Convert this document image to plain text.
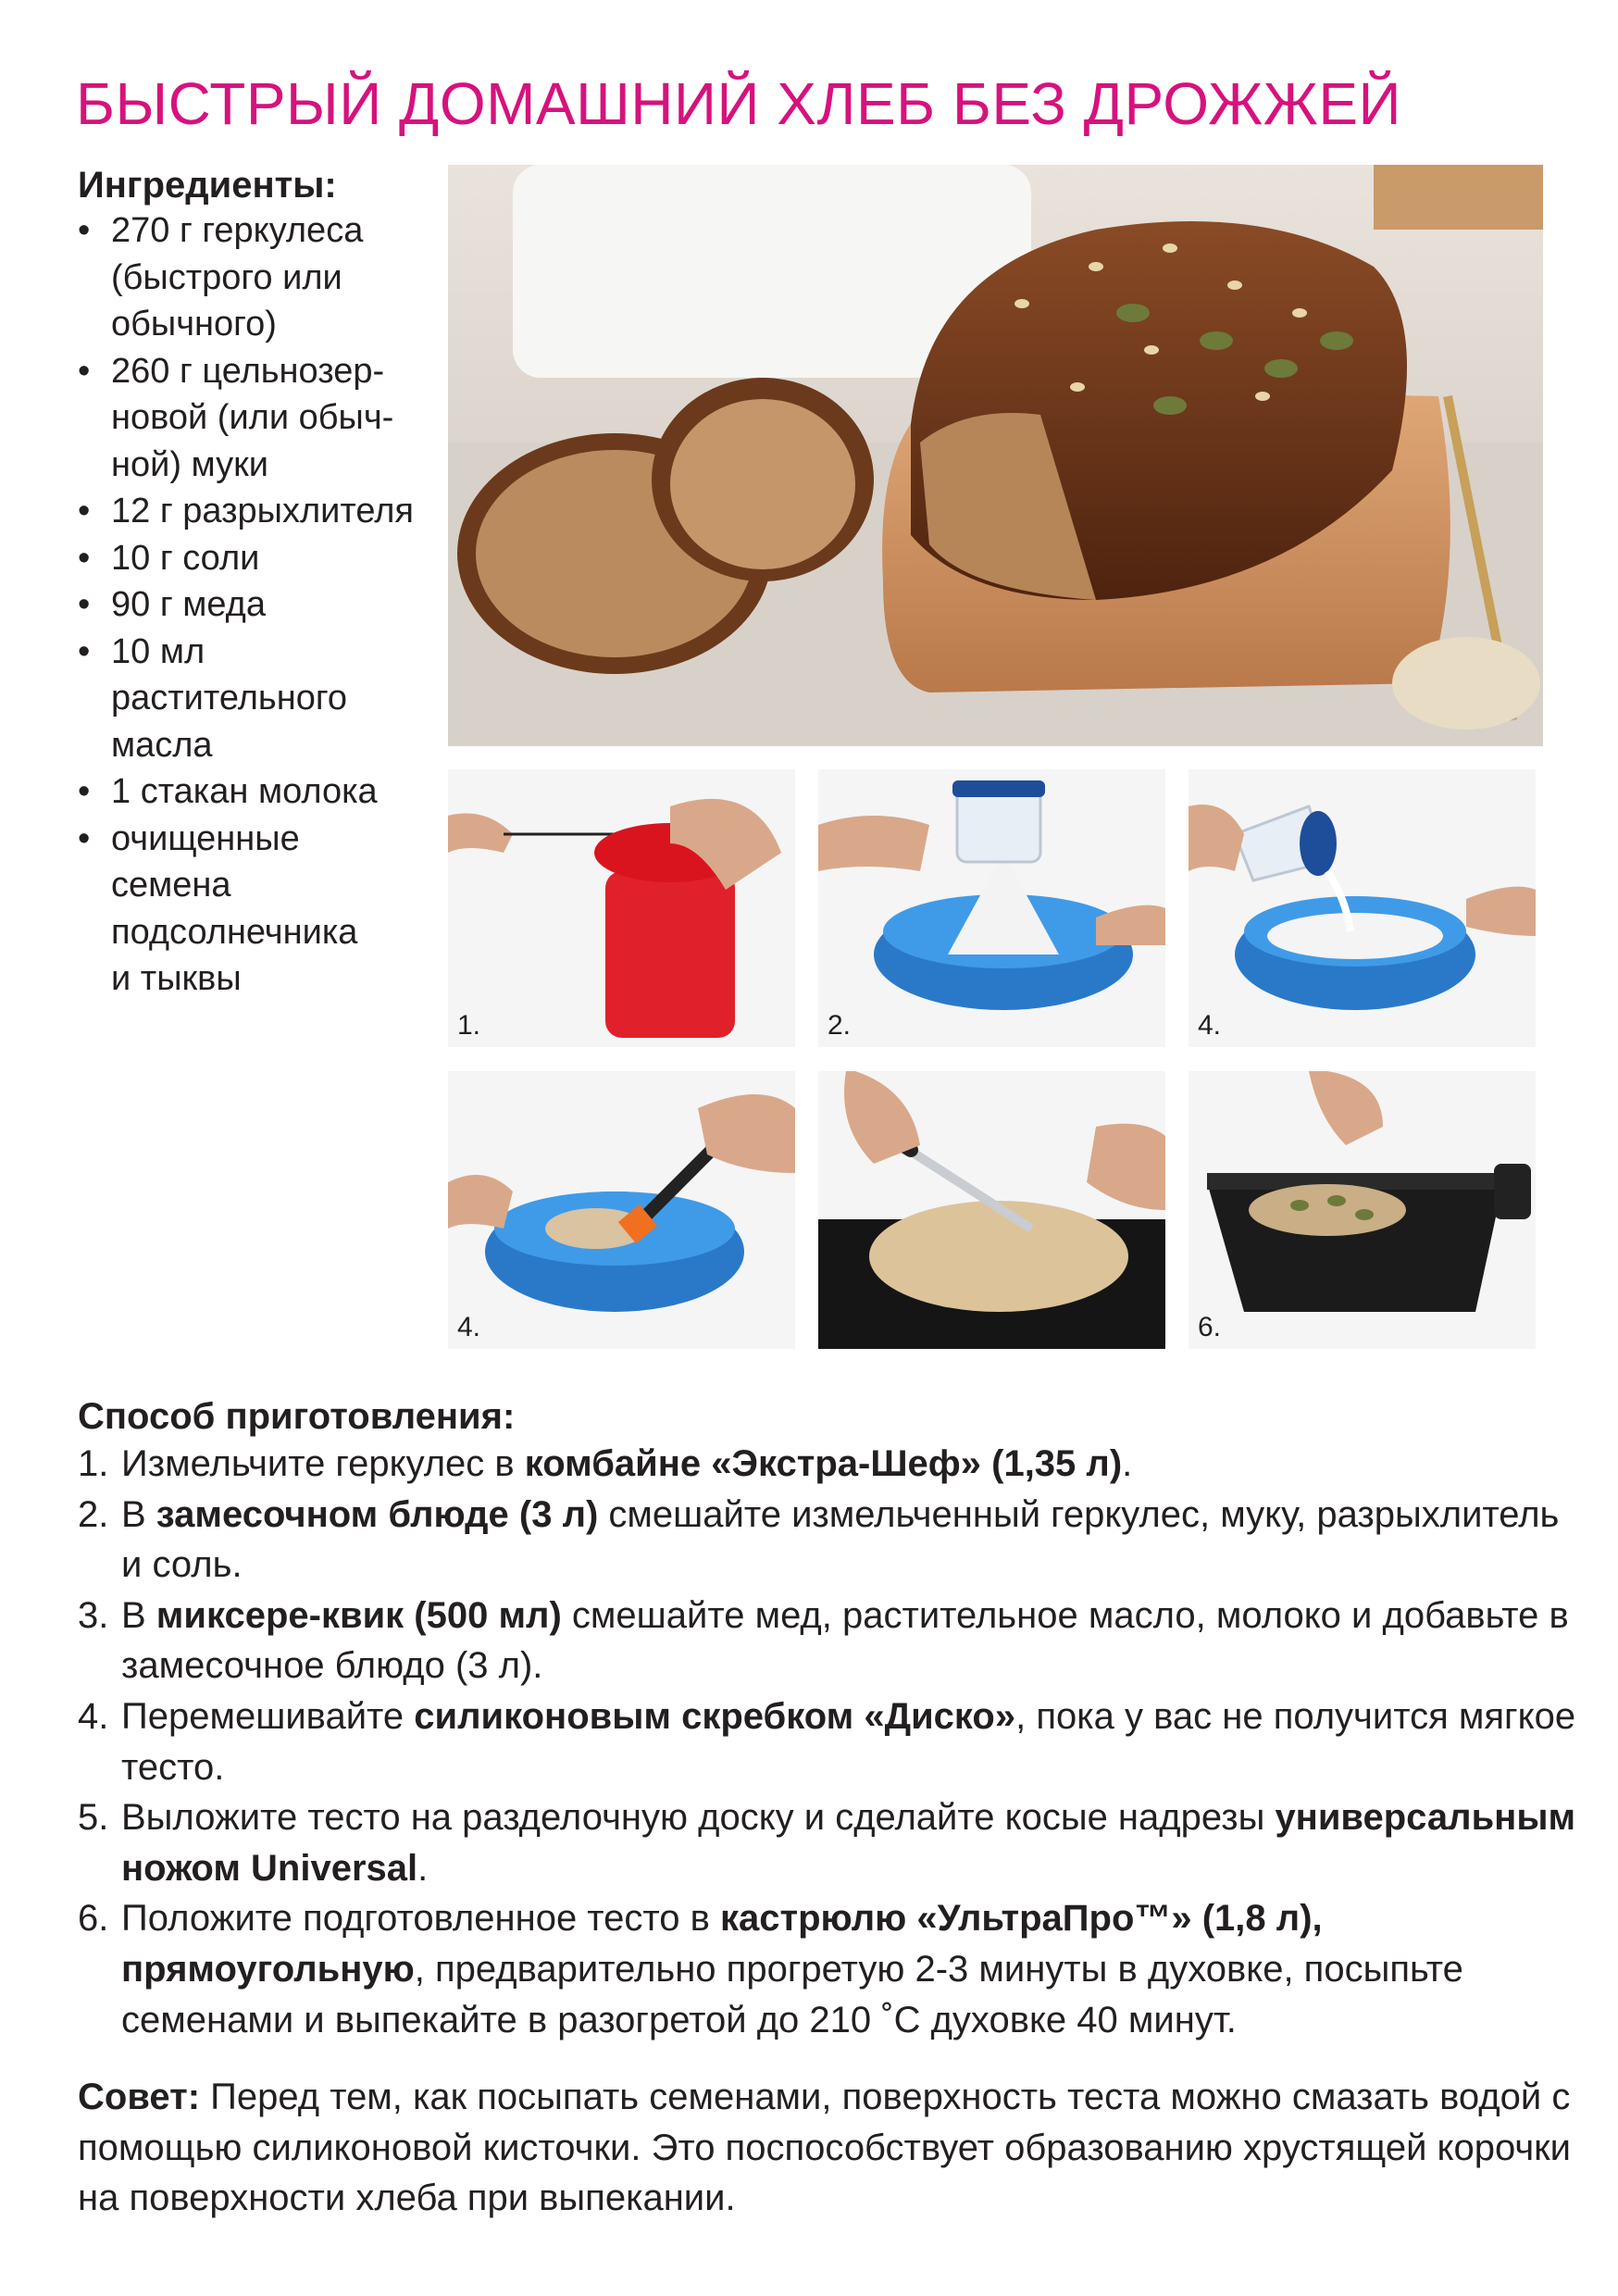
БЫСТРЫЙ ДОМАШНИЙ ХЛЕБ БЕЗ ДРОЖЖЕЙ
Ингредиенты:
• 270 г геркулеса
(быстрого или
обычного)
• 260 г цельнозер-
новой (или обыч-
ной) муки
• 12 г разрыхлителя
• 10 г соли
• 90 г меда
• 10 мл
растительного
масла
• 1 стакан молока
• очищенные
семена
подсолнечника
и тыквы
1.	2.	4.
4.	6.
Способ приготовления:
1. Измельчите геркулес в комбайне «Экстра-Шеф» (1,35 л).
2. В замесочном блюде (3 л) смешайте измельченный геркулес, муку, разрыхлитель и соль.
3. В миксере-квик (500 мл) смешайте мед, растительное масло, молоко и добавьте в замесочное блюдо (3 л).
4. Перемешивайте силиконовым скребком «Диско», пока у вас не получится мягкое тесто.
5. Выложите тесто на разделочную доску и сделайте косые надрезы универсальным ножом Universal.
6. Положите подготовленное тесто в кастрюлю «УльтраПро™» (1,8 л), прямоугольную, предварительно прогретую 2-3 минуты в духовке, посыпьте семенами и выпекайте в разогретой до 210 ˚С духовке 40 минут.
Совет: Перед тем, как посыпать семенами, поверхность теста можно смазать водой с помощью силиконовой кисточки. Это поспособствует образованию хрустящей корочки на поверхности хлеба при выпекании.
